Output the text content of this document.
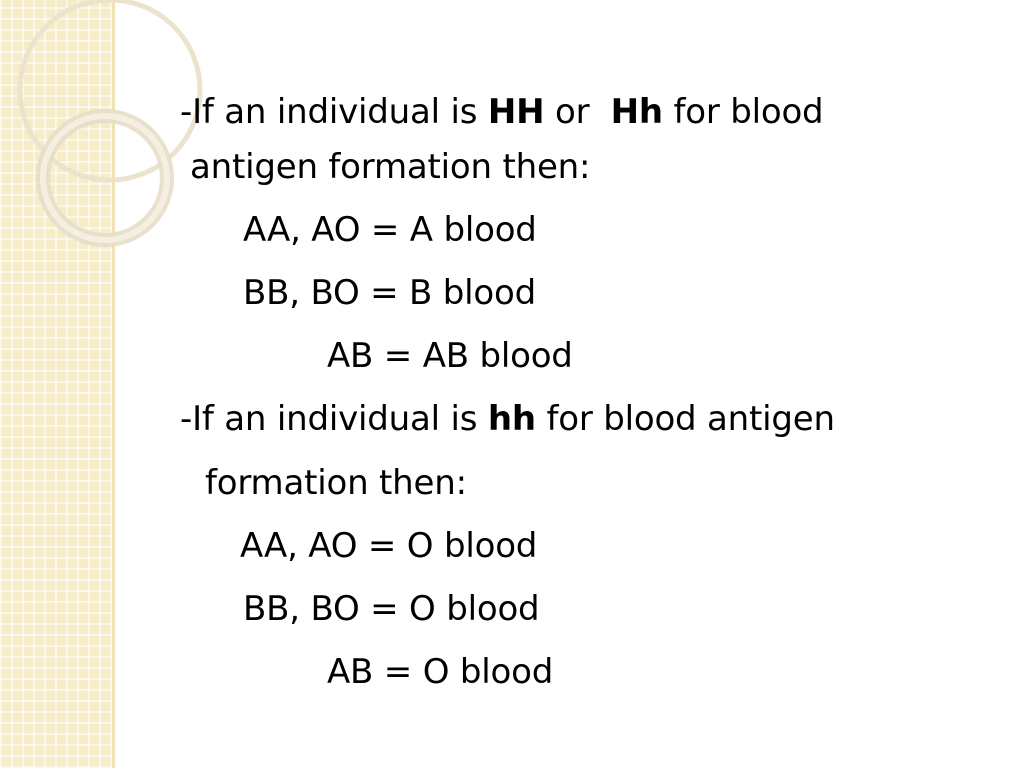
-If an individual is HH or  Hh for blood
antigen formation then:
AA, AO = A blood
BB, BO = B blood
AB = AB blood
-If an individual is hh for blood antigen
formation then:
AA, AO = O blood
BB, BO = O blood
AB = O blood
